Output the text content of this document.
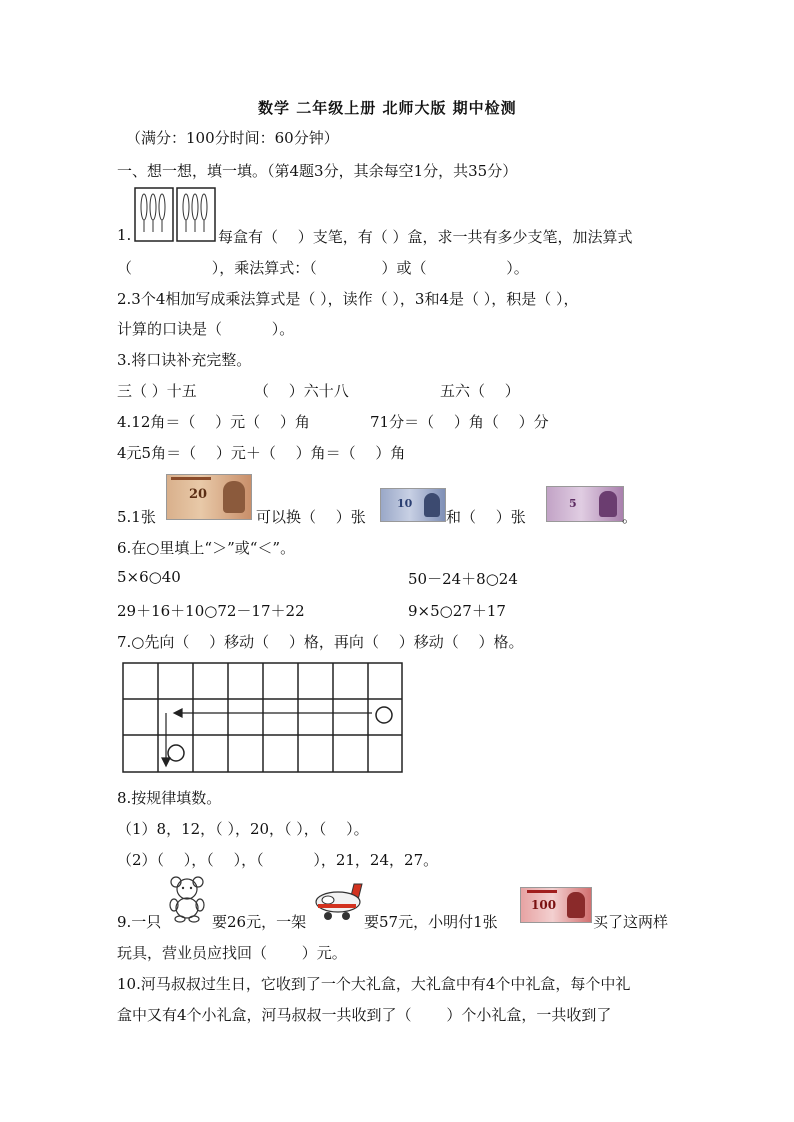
数学 二年级上册 北师大版 期中检测
（满分：100分时间：60分钟）
一、想一想，填一填。（第4题3分，其余每空1分，共35分）
1.	每盒有（　 ）支笔，有（ ）盒，求一共有多少支笔，加法算式
（　　　　　 ），乘法算式：（　　　　 ）或（　　　　　 ）。
2.3个4相加写成乘法算式是（ ），读作（ ），3和4是（ ），积是（ ），
计算的口诀是（　　　 ）。
3.将口诀补充完整。
三（ ）十五	（　 ）六十八	五六（　 ）
4.12角＝（　 ）元（　 ）角	71分＝（　 ）角（　 ）分
4元5角＝（　 ）元＋（　 ）角＝（　 ）角
5.1张
20
可以换（　 ）张
10
和（　 ）张
5
。
6.在○里填上“＞”或“＜”。
5×6○40	50－24＋8○24
29＋16＋10○72－17＋22	9×5○27＋17
7.○先向（　 ）移动（　 ）格，再向（　 ）移动（　 ）格。
8.按规律填数。
（1）8，12，（ ），20，（ ），（　 ）。
（2）（　 ），（　 ），（　　　 ），21，24，27。
9.一只	要26元，一架	要57元，小明付1张
100
买了这两样
玩具，营业员应找回（　　 ）元。
10.河马叔叔过生日，它收到了一个大礼盒，大礼盒中有4个中礼盒，每个中礼
盒中又有4个小礼盒，河马叔叔一共收到了（　　 ）个小礼盒，一共收到了
